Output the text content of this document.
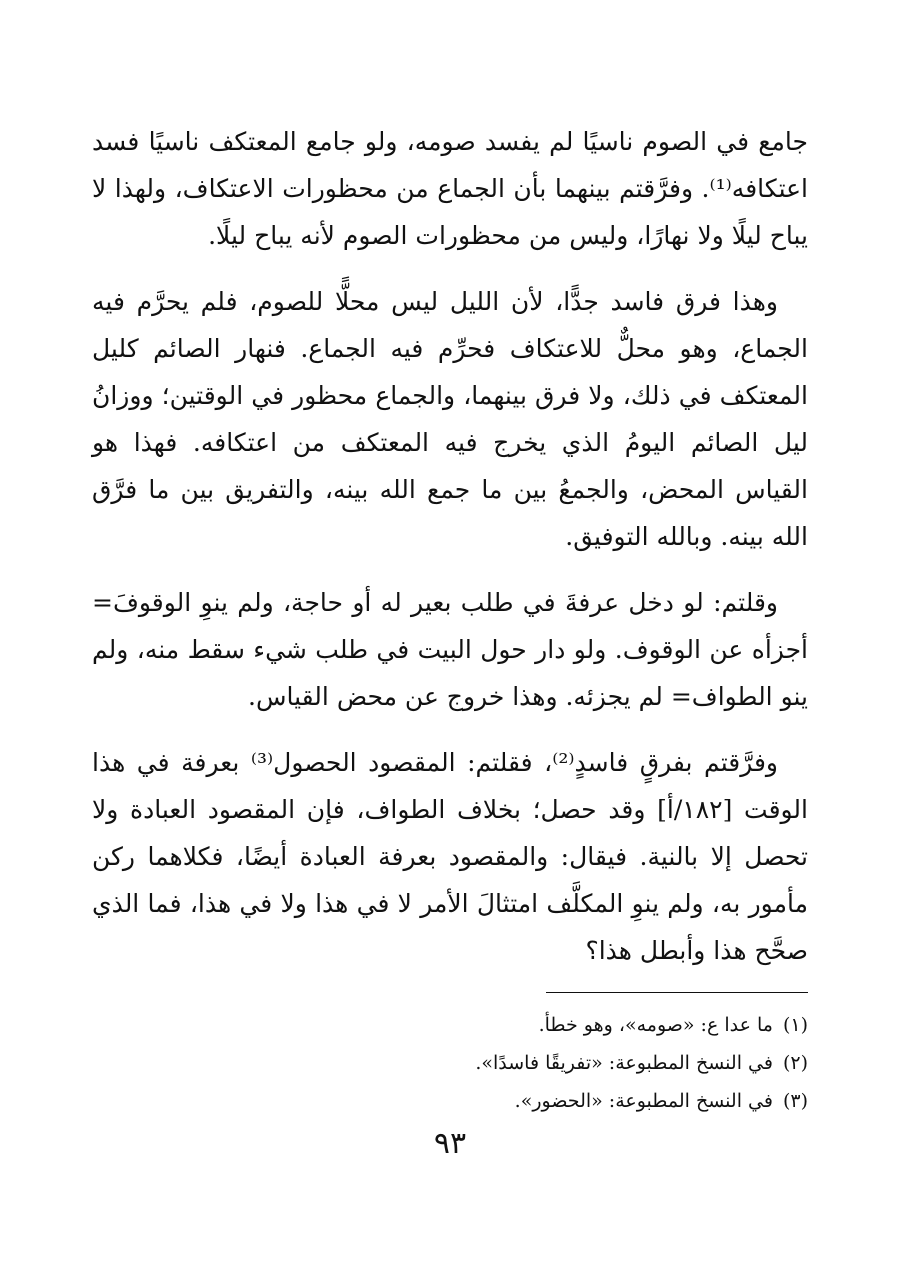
جامع في الصوم ناسيًا لم يفسد صومه، ولو جامع المعتكف ناسيًا فسد اعتكافه⁽¹⁾. وفرَّقتم بينهما بأن الجماع من محظورات الاعتكاف، ولهذا لا يباح ليلًا ولا نهارًا، وليس من محظورات الصوم لأنه يباح ليلًا.

وهذا فرق فاسد جدًّا، لأن الليل ليس محلًّا للصوم، فلم يحرَّم فيه الجماع، وهو محلٌّ للاعتكاف فحرِّم فيه الجماع. فنهار الصائم كليل المعتكف في ذلك، ولا فرق بينهما، والجماع محظور في الوقتين؛ ووزانُ ليل الصائم اليومُ الذي يخرج فيه المعتكف من اعتكافه. فهذا هو القياس المحض، والجمعُ بين ما جمع الله بينه، والتفريق بين ما فرَّق الله بينه. وبالله التوفيق.

وقلتم: لو دخل عرفةَ في طلب بعير له أو حاجة، ولم ينوِ الوقوفَ= أجزأه عن الوقوف. ولو دار حول البيت في طلب شيء سقط منه، ولم ينو الطواف= لم يجزئه. وهذا خروج عن محض القياس.

وفرَّقتم بفرقٍ فاسدٍ⁽²⁾، فقلتم: المقصود الحصول⁽³⁾ بعرفة في هذا الوقت [١٨٢/أ] وقد حصل؛ بخلاف الطواف، فإن المقصود العبادة ولا تحصل إلا بالنية. فيقال: والمقصود بعرفة العبادة أيضًا، فكلاهما ركن مأمور به، ولم ينوِ المكلَّف امتثالَ الأمر لا في هذا ولا في هذا، فما الذي صحَّح هذا وأبطل هذا؟

(١)ما عدا ع: «صومه»، وهو خطأ.
(٢)في النسخ المطبوعة: «تفريقًا فاسدًا».
(٣)في النسخ المطبوعة: «الحضور».
٩٣
